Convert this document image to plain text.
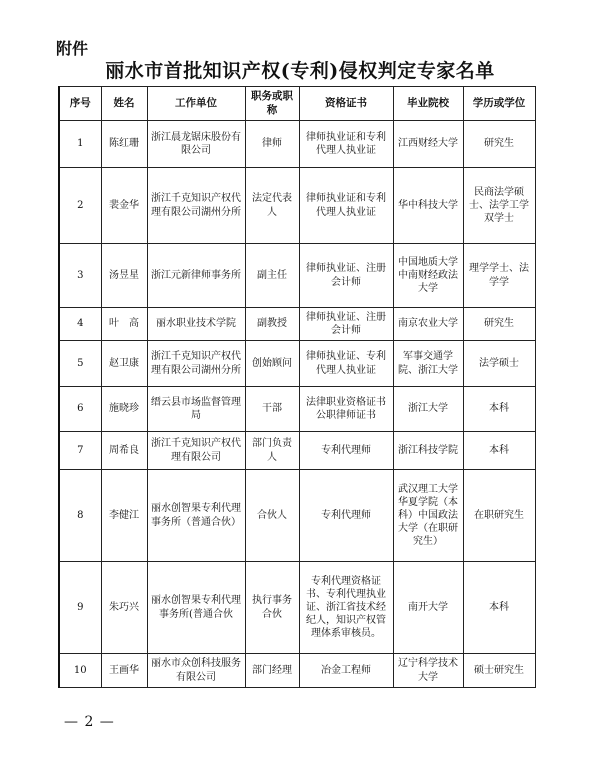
附件
丽水市首批知识产权(专利)侵权判定专家名单
序号	姓名	工作单位	职务或职称	资格证书	毕业院校	学历或学位
1	陈红珊	浙江晨龙锯床股份有限公司	律师	律师执业证和专利代理人执业证	江西财经大学	研究生
2	裴金华	浙江千克知识产权代理有限公司湖州分所	法定代表人	律师执业证和专利代理人执业证	华中科技大学	民商法学硕士、法学工学双学士
3	汤昱星	浙江元新律师事务所	副主任	律师执业证、注册会计师	中国地质大学中南财经政法大学	理学学士、法学学
4	叶　高	丽水职业技术学院	副教授	律师执业证、注册会计师	南京农业大学	研究生
5	赵卫康	浙江千克知识产权代理有限公司湖州分所	创始顾问	律师执业证、专利代理人执业证	军事交通学院、浙江大学	法学硕士
6	施晓珍	缙云县市场监督管理局	干部	法律职业资格证书公职律师证书	浙江大学	本科
7	周希良	浙江千克知识产权代理有限公司	部门负责人	专利代理师	浙江科技学院	本科
8	李健江	丽水创智果专利代理事务所（普通合伙）	合伙人	专利代理师	武汉理工大学华夏学院（本科）中国政法大学（在职研究生）	在职研究生
9	朱巧兴	丽水创智果专利代理事务所(普通合伙	执行事务合伙	专利代理资格证书、专利代理执业证、浙江省技术经纪人，知识产权管理体系审核员。	南开大学	本科
10	王画华	丽水市众创科技服务有限公司	部门经理	冶金工程师	辽宁科学技术大学	硕士研究生
— 2 —
